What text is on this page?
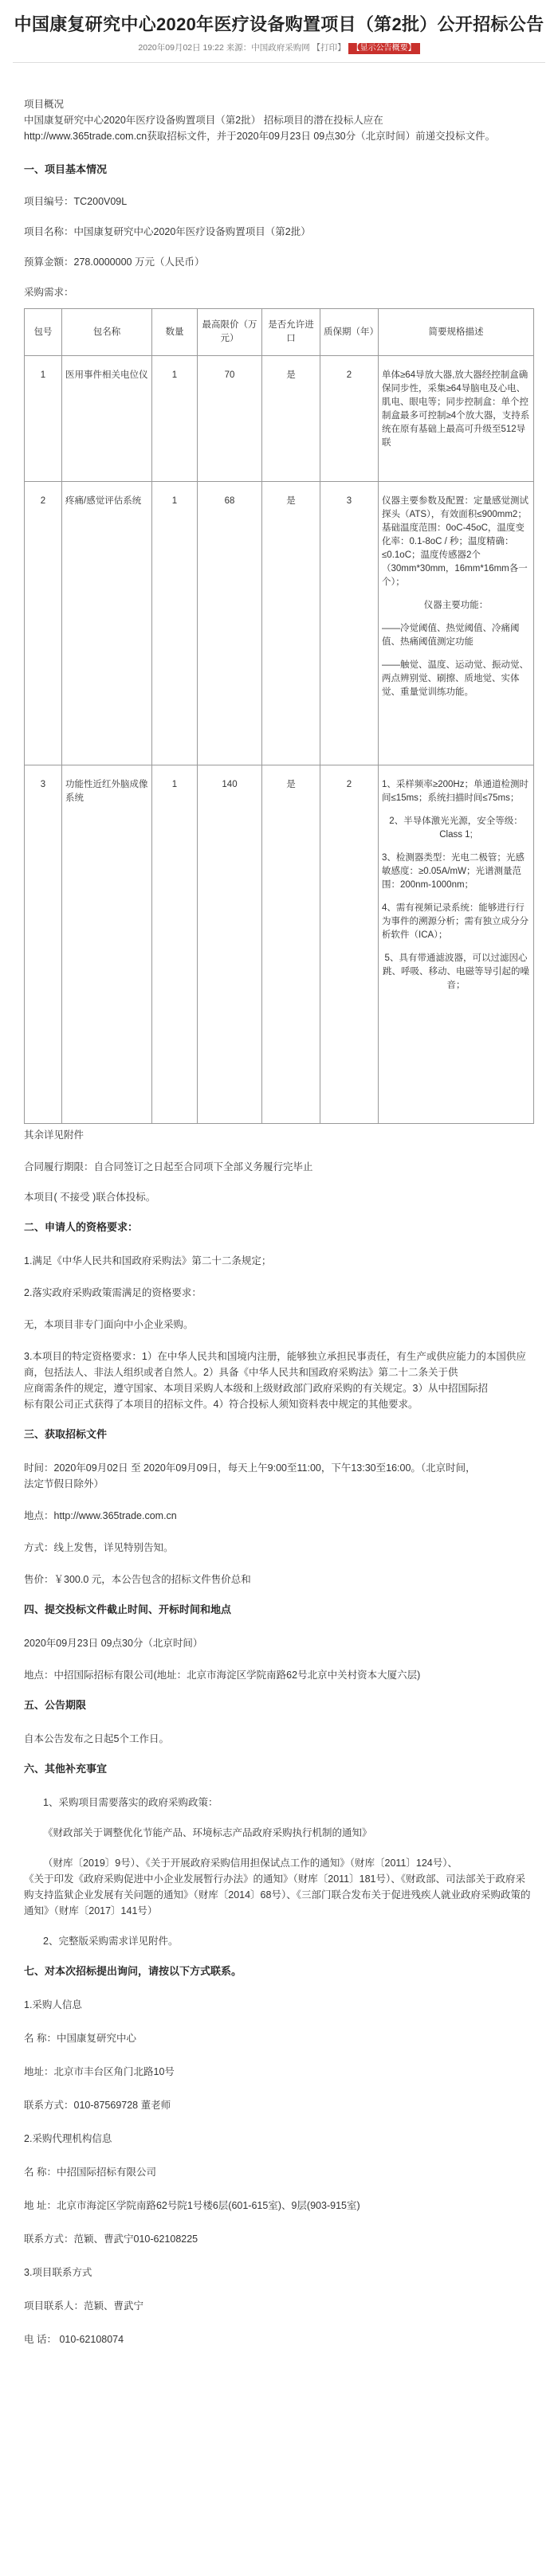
中国康复研究中心2020年医疗设备购置项目（第2批）公开招标公告
2020年09月02日 19:22 来源：中国政府采购网 【打印】 【显示公告概要】

项目概况

中国康复研究中心2020年医疗设备购置项目（第2批） 招标项目的潜在投标人应在

http://www.365trade.com.cn获取招标文件，并于2020年09月23日 09点30分（北京时间）前递交投标文件。

一、项目基本情况

项目编号：TC200V09L

项目名称：中国康复研究中心2020年医疗设备购置项目（第2批）

预算金额：278.0000000 万元（人民币）

采购需求：

包号	包名称	数量	最高限价（万元）	是否允许进口	质保期（年）	简要规格描述
1	医用事件相关电位仪	1	70	是	2	单体≥64导放大器,放大器经控制盒确保同步性，采集≥64导脑电及心电、肌电、眼电等；同步控制盒：单个控制盒最多可控制≥4个放大器，支持系统在原有基础上最高可升级至512导联

2	疼痛/感觉评估系统	1	68	是	3	仪器主要参数及配置：定量感觉测试探头（ATS），有效面积≤900mm2；基础温度范围：0oC-45oC，温度变化率：0.1-8oC / 秒；温度精确：≤0.1oC；温度传感器2个（30mm*30mm，16mm*16mm各一个）；
仪器主要功能：
——冷觉阈值、热觉阈值、冷痛阈值、热痛阈值测定功能
——触觉、温度、运动觉、振动觉、两点辨别觉、刷擦、质地觉、实体觉、重量觉训练功能。

3	功能性近红外脑成像系统	1	140	是	2	1、采样频率≥200Hz；单通道检测时间≤15ms；系统扫描时间≤75ms；
2、半导体激光光源，安全等级：Class 1;
3、检测器类型：光电二极管；光感敏感度：≥0.05A/mW；光谱测量范围：200nm-1000nm；
4、需有视频记录系统：能够进行行为事件的溯源分析；需有独立成分分析软件（ICA）；
5、具有带通滤波器，可以过滤因心跳、呼吸、移动、电磁等导引起的噪音；

其余详见附件

合同履行期限：自合同签订之日起至合同项下全部义务履行完毕止

本项目( 不接受 )联合体投标。

二、申请人的资格要求：

1.满足《中华人民共和国政府采购法》第二十二条规定；

2.落实政府采购政策需满足的资格要求：

无，本项目非专门面向中小企业采购。

3.本项目的特定资格要求：1）在中华人民共和国境内注册，能够独立承担民事责任，有生产或供应能力的本国供应商，包括法人、非法人组织或者自然人。2）具备《中华人民共和国政府采购法》第二十二条关于供

应商需条件的规定，遵守国家、本项目采购人本级和上级财政部门政府采购的有关规定。3）从中招国际招

标有限公司正式获得了本项目的招标文件。4）符合投标人须知资料表中规定的其他要求。

三、获取招标文件

时间：2020年09月02日 至 2020年09月09日，每天上午9:00至11:00，下午13:30至16:00。（北京时间，

法定节假日除外）

地点：http://www.365trade.com.cn

方式：线上发售，详见特别告知。

售价：￥300.0 元，本公告包含的招标文件售价总和

四、提交投标文件截止时间、开标时间和地点

2020年09月23日 09点30分（北京时间）

地点：中招国际招标有限公司(地址：北京市海淀区学院南路62号北京中关村资本大厦六层)

五、公告期限

自本公告发布之日起5个工作日。

六、其他补充事宜

1、采购项目需要落实的政府采购政策：

《财政部关于调整优化节能产品、环境标志产品政府采购执行机制的通知》

（财库〔2019〕9号）、《关于开展政府采购信用担保试点工作的通知》（财库〔2011〕124号）、

《关于印发《政府采购促进中小企业发展暂行办法》的通知》（财库〔2011〕181号）、《财政部、司法部关于政府采购支持监狱企业发展有关问题的通知》（财库〔2014〕68号）、《三部门联合发布关于促进残疾人就业政府采购政策的通知》（财库〔2017〕141号）

2、完整版采购需求详见附件。

七、对本次招标提出询问，请按以下方式联系。

1.采购人信息

名 称：中国康复研究中心

地址：北京市丰台区角门北路10号

联系方式：010-87569728 董老师

2.采购代理机构信息

名 称：中招国际招标有限公司

地 址：北京市海淀区学院南路62号院1号楼6层(601-615室)、9层(903-915室)

联系方式：范颖、曹武宁010-62108225

3.项目联系方式

项目联系人：范颖、曹武宁

电 话： 010-62108074
